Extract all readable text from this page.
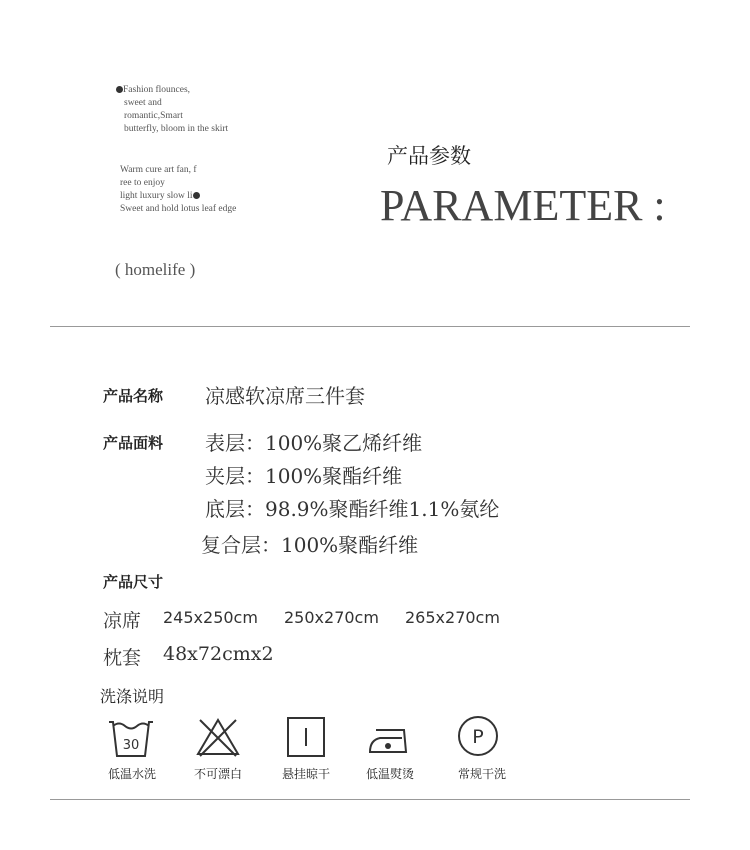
Fashion flounces,
sweet and
romantic,Smart
butterfly, bloom in the skirt
Warm cure art fan, f
ree to enjoy
light luxury slow li
Sweet and hold lotus leaf edge
( homelife )
产品参数
PARAMETER :
产品名称 凉感软凉席三件套
产品面料 表层：100%聚乙烯纤维
夹层：100%聚酯纤维
底层：98.9%聚酯纤维1.1%氨纶
复合层：100%聚酯纤维
产品尺寸
凉席 245x250cm 250x270cm 265x270cm
枕套 48x72cmx2
洗涤说明
30	P
低温水洗	不可漂白	悬挂晾干	低温熨烫	常规干洗
